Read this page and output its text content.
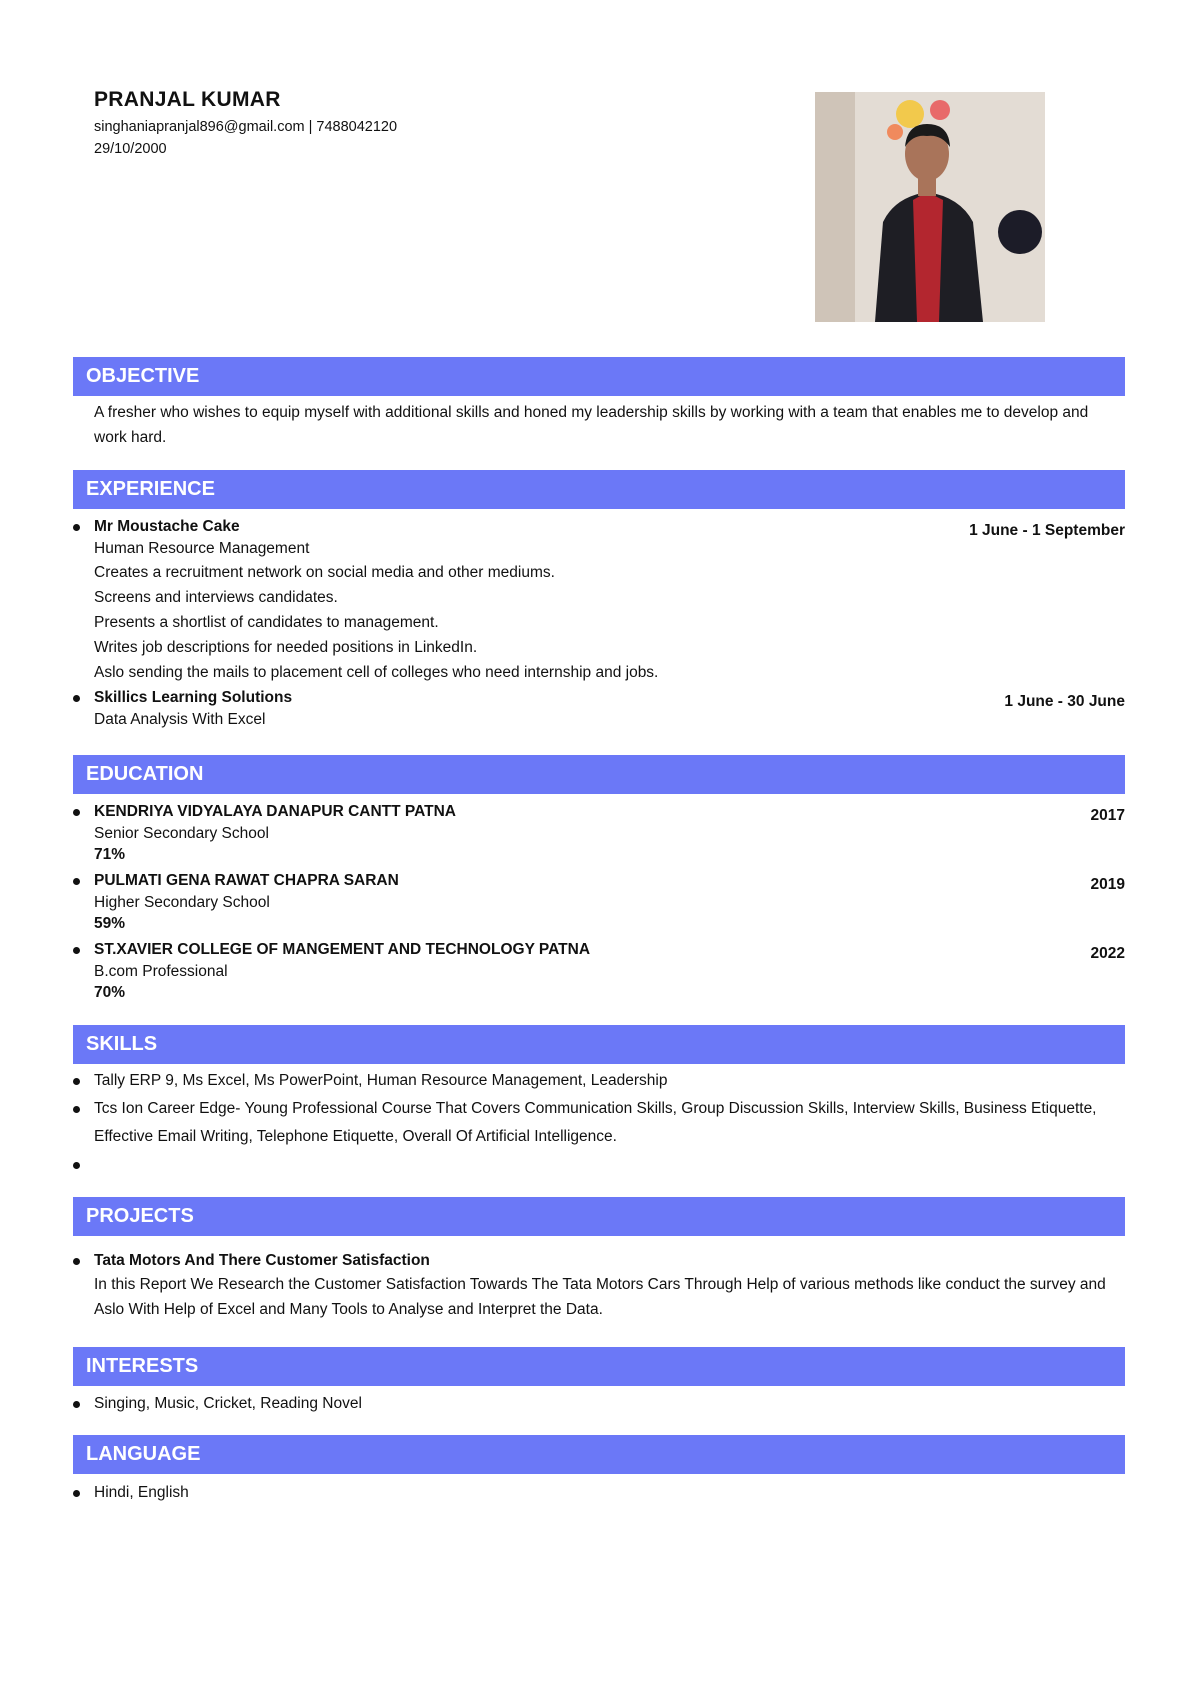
PRANJAL KUMAR
singhaniapranjal896@gmail.com | 7488042120
29/10/2000
OBJECTIVE
A fresher who wishes to equip myself with additional skills and honed my leadership skills by working with a team that enables me to develop and work hard.
EXPERIENCE
Mr Moustache Cake	1 June - 1 September
Human Resource Management
Creates a recruitment network on social media and other mediums.
Screens and interviews candidates.
Presents a shortlist of candidates to management.
Writes job descriptions for needed positions in LinkedIn.
Aslo sending the mails to placement cell of colleges who need internship and jobs.
Skillics Learning Solutions	1 June - 30 June
Data Analysis With Excel
EDUCATION
KENDRIYA VIDYALAYA DANAPUR CANTT PATNA	2017
Senior Secondary School
71%
PULMATI GENA RAWAT CHAPRA SARAN	2019
Higher Secondary School
59%
ST.XAVIER COLLEGE OF MANGEMENT AND TECHNOLOGY PATNA	2022
B.com Professional
70%
SKILLS
Tally ERP 9, Ms Excel, Ms PowerPoint, Human Resource Management, Leadership
Tcs Ion Career Edge- Young Professional Course That Covers Communication Skills, Group Discussion Skills, Interview Skills, Business Etiquette, Effective Email Writing, Telephone Etiquette, Overall Of Artificial Intelligence.
PROJECTS
Tata Motors And There Customer Satisfaction
In this Report We Research the Customer Satisfaction Towards The Tata Motors Cars Through Help of various methods like conduct the survey and Aslo With Help of Excel and Many Tools to Analyse and Interpret the Data.
INTERESTS
Singing, Music, Cricket, Reading Novel
LANGUAGE
Hindi, English
